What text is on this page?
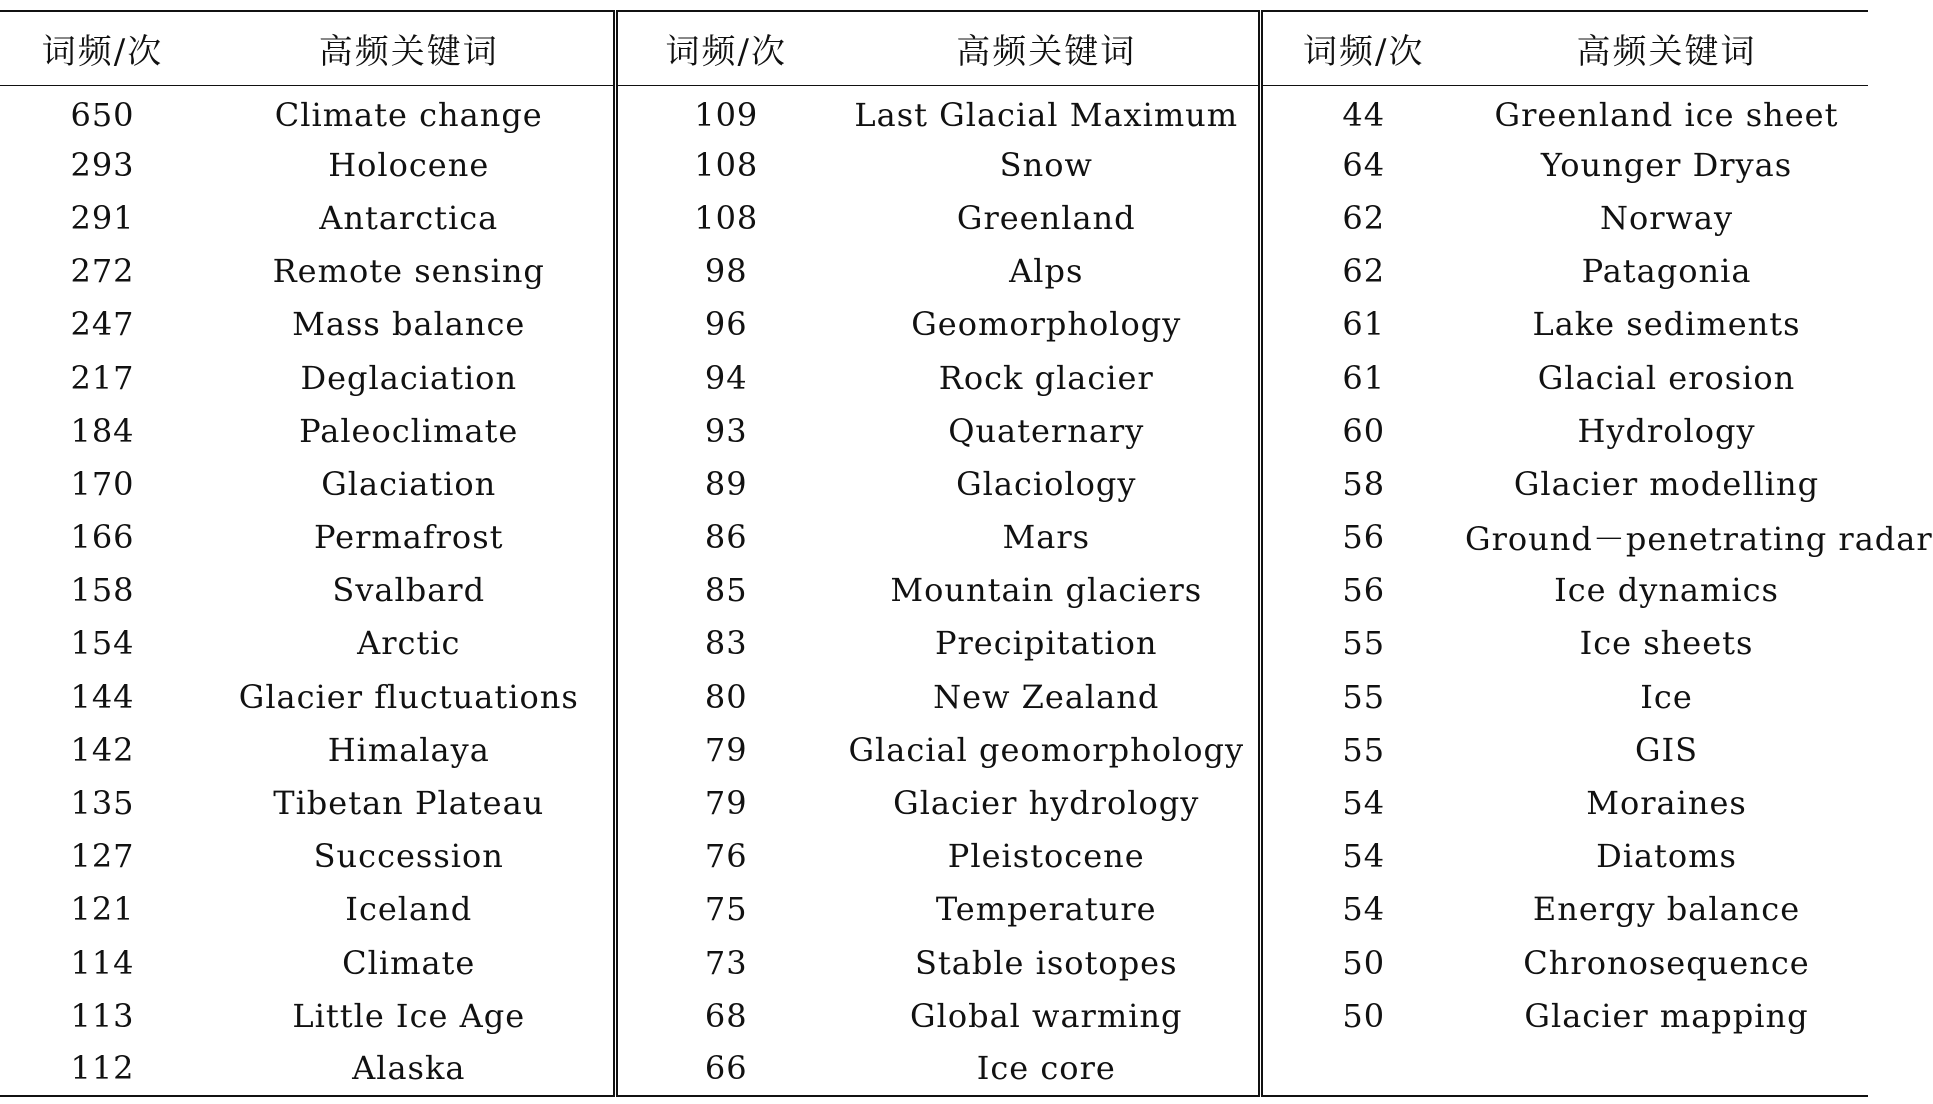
词频/次	高频关键词	词频/次	高频关键词	词频/次	高频关键词
650	Climate change	109	Last Glacial Maximum	44	Greenland ice sheet
293	Holocene	108	Snow	64	Younger Dryas
291	Antarctica	108	Greenland	62	Norway
272	Remote sensing	98	Alps	62	Patagonia
247	Mass balance	96	Geomorphology	61	Lake sediments
217	Deglaciation	94	Rock glacier	61	Glacial erosion
184	Paleoclimate	93	Quaternary	60	Hydrology
170	Glaciation	89	Glaciology	58	Glacier modelling
166	Permafrost	86	Mars	56	Ground－penetrating radar
158	Svalbard	85	Mountain glaciers	56	Ice dynamics
154	Arctic	83	Precipitation	55	Ice sheets
144	Glacier fluctuations	80	New Zealand	55	Ice
142	Himalaya	79	Glacial geomorphology	55	GIS
135	Tibetan Plateau	79	Glacier hydrology	54	Moraines
127	Succession	76	Pleistocene	54	Diatoms
121	Iceland	75	Temperature	54	Energy balance
114	Climate	73	Stable isotopes	50	Chronosequence
113	Little Ice Age	68	Global warming	50	Glacier mapping
112	Alaska	66	Ice core		
